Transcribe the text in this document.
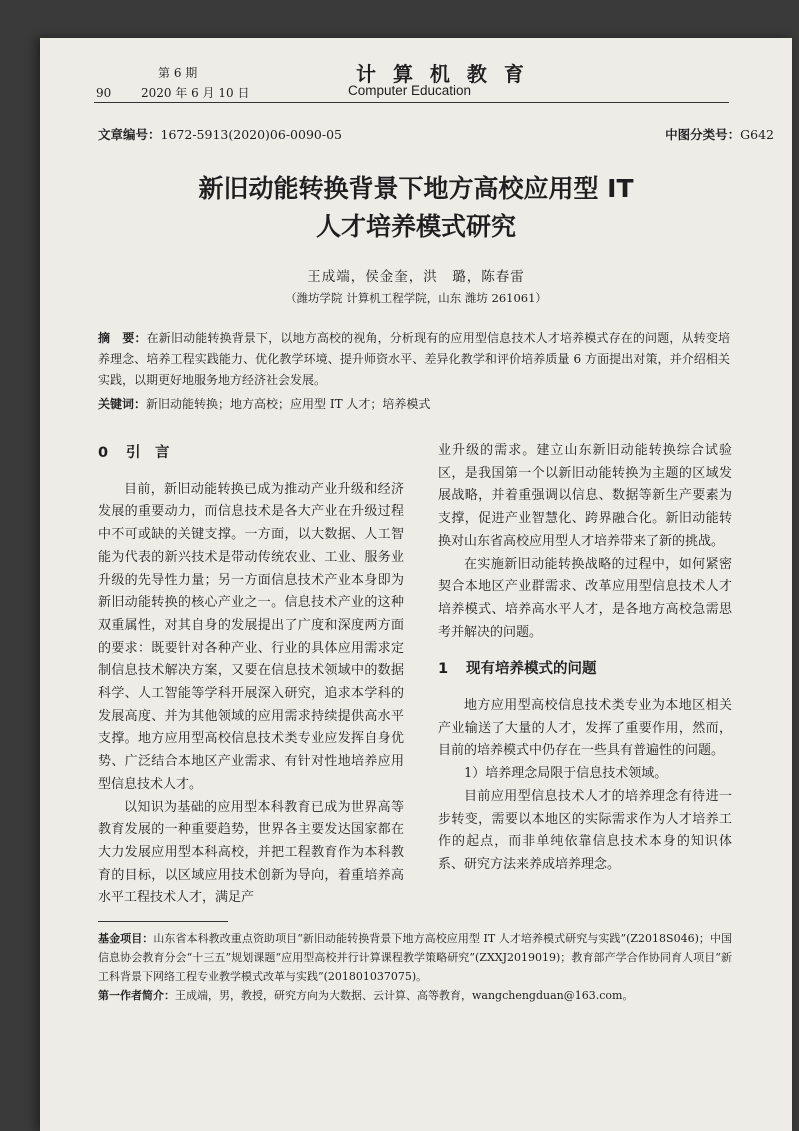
第 6 期
90 2020 年 6 月 10 日
计 算 机 教 育
Computer Education
文章编号：1672-5913(2020)06-0090-05	中图分类号：G642
新旧动能转换背景下地方高校应用型 IT
人才培养模式研究
王成端，侯金奎，洪　璐，陈春雷
（潍坊学院 计算机工程学院，山东 潍坊 261061）
摘　要：在新旧动能转换背景下，以地方高校的视角，分析现有的应用型信息技术人才培养模式存在的问题，从转变培养理念、培养工程实践能力、优化教学环境、提升师资水平、差异化教学和评价培养质量 6 方面提出对策，并介绍相关实践，以期更好地服务地方经济社会发展。
关键词：新旧动能转换；地方高校；应用型 IT 人才；培养模式

0 引　言

目前，新旧动能转换已成为推动产业升级和经济发展的重要动力，而信息技术是各大产业在升级过程中不可或缺的关键支撑。一方面，以大数据、人工智能为代表的新兴技术是带动传统农业、工业、服务业升级的先导性力量；另一方面信息技术产业本身即为新旧动能转换的核心产业之一。信息技术产业的这种双重属性，对其自身的发展提出了广度和深度两方面的要求：既要针对各种产业、行业的具体应用需求定制信息技术解决方案，又要在信息技术领域中的数据科学、人工智能等学科开展深入研究，追求本学科的发展高度、并为其他领域的应用需求持续提供高水平支撑。地方应用型高校信息技术类专业应发挥自身优势、广泛结合本地区产业需求、有针对性地培养应用型信息技术人才。

以知识为基础的应用型本科教育已成为世界高等教育发展的一种重要趋势，世界各主要发达国家都在大力发展应用型本科高校，并把工程教育作为本科教育的目标，以区域应用技术创新为导向，着重培养高水平工程技术人才，满足产

业升级的需求。建立山东新旧动能转换综合试验区，是我国第一个以新旧动能转换为主题的区域发展战略，并着重强调以信息、数据等新生产要素为支撑，促进产业智慧化、跨界融合化。新旧动能转换对山东省高校应用型人才培养带来了新的挑战。

在实施新旧动能转换战略的过程中，如何紧密契合本地区产业群需求、改革应用型信息技术人才培养模式、培养高水平人才，是各地方高校急需思考并解决的问题。

1 现有培养模式的问题

地方应用型高校信息技术类专业为本地区相关产业输送了大量的人才，发挥了重要作用，然而，目前的培养模式中仍存在一些具有普遍性的问题。

1）培养理念局限于信息技术领域。

目前应用型信息技术人才的培养理念有待进一步转变，需要以本地区的实际需求作为人才培养工作的起点，而非单纯依靠信息技术本身的知识体系、研究方法来养成培养理念。

基金项目：山东省本科教改重点资助项目“新旧动能转换背景下地方高校应用型 IT 人才培养模式研究与实践”(Z2018S046)；中国信息协会教育分会“十三五”规划课题“应用型高校并行计算课程教学策略研究”(ZXXJ2019019)；教育部产学合作协同育人项目“新工科背景下网络工程专业教学模式改革与实践”(201801037075)。

第一作者简介：王成端，男，教授，研究方向为大数据、云计算、高等教育，wangchengduan@163.com。
